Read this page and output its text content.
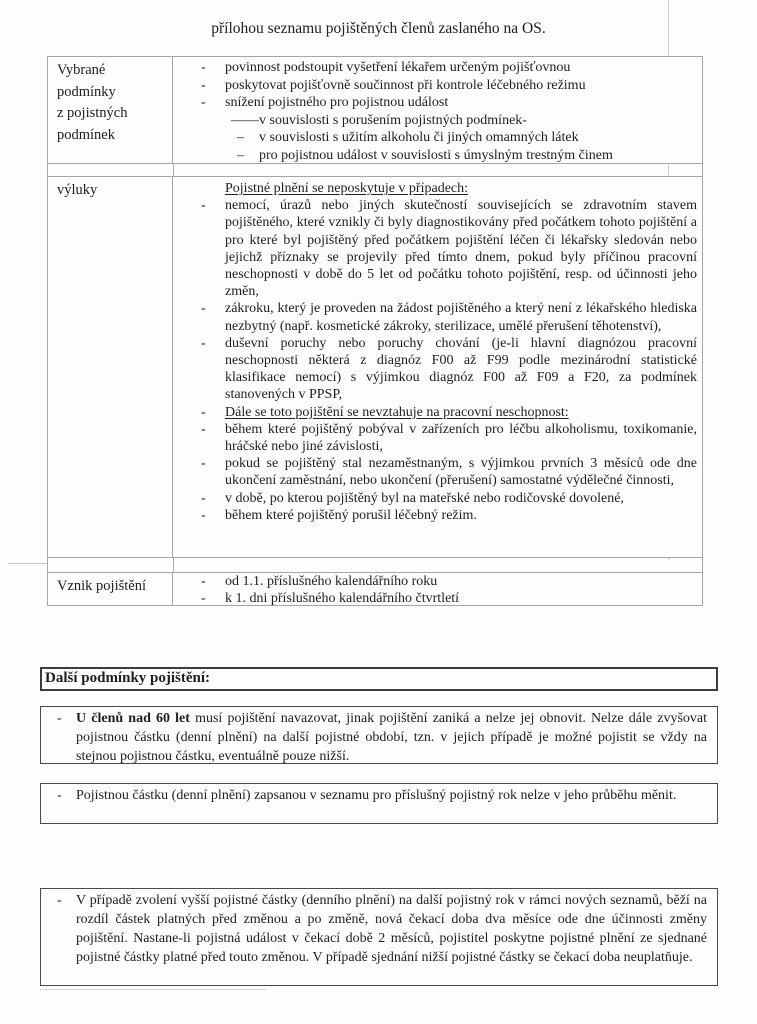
přílohou seznamu pojištěných členů zaslaného na OS.
Vybrané
podmínky
z pojistných
podmínek
- povinnost podstoupit vyšetření lékařem určeným pojišťovnou
- poskytovat pojišťovně součinnost při kontrole léčebného režimu
- snížení pojistného pro pojistnou událost
——v souvislosti s porušením pojistných podmínek-
– v souvislosti s užitím alkoholu či jiných omamných látek
– pro pojistnou událost v souvislosti s úmyslným trestným činem
výluky	Pojistné plnění se neposkytuje v případech:
- nemocí, úrazů nebo jiných skutečností souvisejících se zdravotním stavem pojištěného, které vznikly či byly diagnostikovány před počátkem tohoto pojištění a pro které byl pojištěný před počátkem pojištění léčen či lékařsky sledován nebo jejichž příznaky se projevily před tímto dnem, pokud byly příčinou pracovní neschopnosti v době do 5 let od počátku tohoto pojištění, resp. od účinnosti jeho změn,
- zákroku, který je proveden na žádost pojištěného a který není z lékařského hlediska nezbytný (např. kosmetické zákroky, sterilizace, umělé přerušení těhotenství),
- duševní poruchy nebo poruchy chování (je-li hlavní diagnózou pracovní neschopnosti některá z diagnóz F00 až F99 podle mezinárodní statistické klasifikace nemocí) s výjimkou diagnóz F00 až F09 a F20, za podmínek stanovených v PPSP,
- Dále se toto pojištění se nevztahuje na pracovní neschopnost:
- během které pojištěný pobýval v zařízeních pro léčbu alkoholismu, toxikomanie, hráčské nebo jiné závislosti,
- pokud se pojištěný stal nezaměstnaným, s výjimkou prvních 3 měsíců ode dne ukončení zaměstnání, nebo ukončení (přerušení) samostatné výdělečné činnosti,
- v době, po kterou pojištěný byl na mateřské nebo rodičovské dovolené,
- během které pojištěný porušil léčebný režim.
Vznik pojištění	- od 1.1. příslušného kalendářního roku
- k 1. dni příslušného kalendářního čtvrtletí
Další podmínky pojištění:
- U členů nad 60 let musí pojištění navazovat, jinak pojištění zaniká a nelze jej obnovit. Nelze dále zvyšovat pojistnou částku (denní plnění) na další pojistné období, tzn. v jejich případě je možné pojistit se vždy na stejnou pojistnou částku, eventuálně pouze nižší.
- Pojistnou částku (denní plnění) zapsanou v seznamu pro příslušný pojistný rok nelze v jeho průběhu měnit.
- V případě zvolení vyšší pojistné částky (denního plnění) na další pojistný rok v rámci nových seznamů, běží na rozdíl částek platných před změnou a po změně, nová čekací doba dva měsíce ode dne účinnosti změny pojištění. Nastane-li pojistná událost v čekací době 2 měsíců, pojistitel poskytne pojistné plnění ze sjednané pojistné částky platné před touto změnou. V případě sjednání nižší pojistné částky se čekací doba neuplatňuje.
